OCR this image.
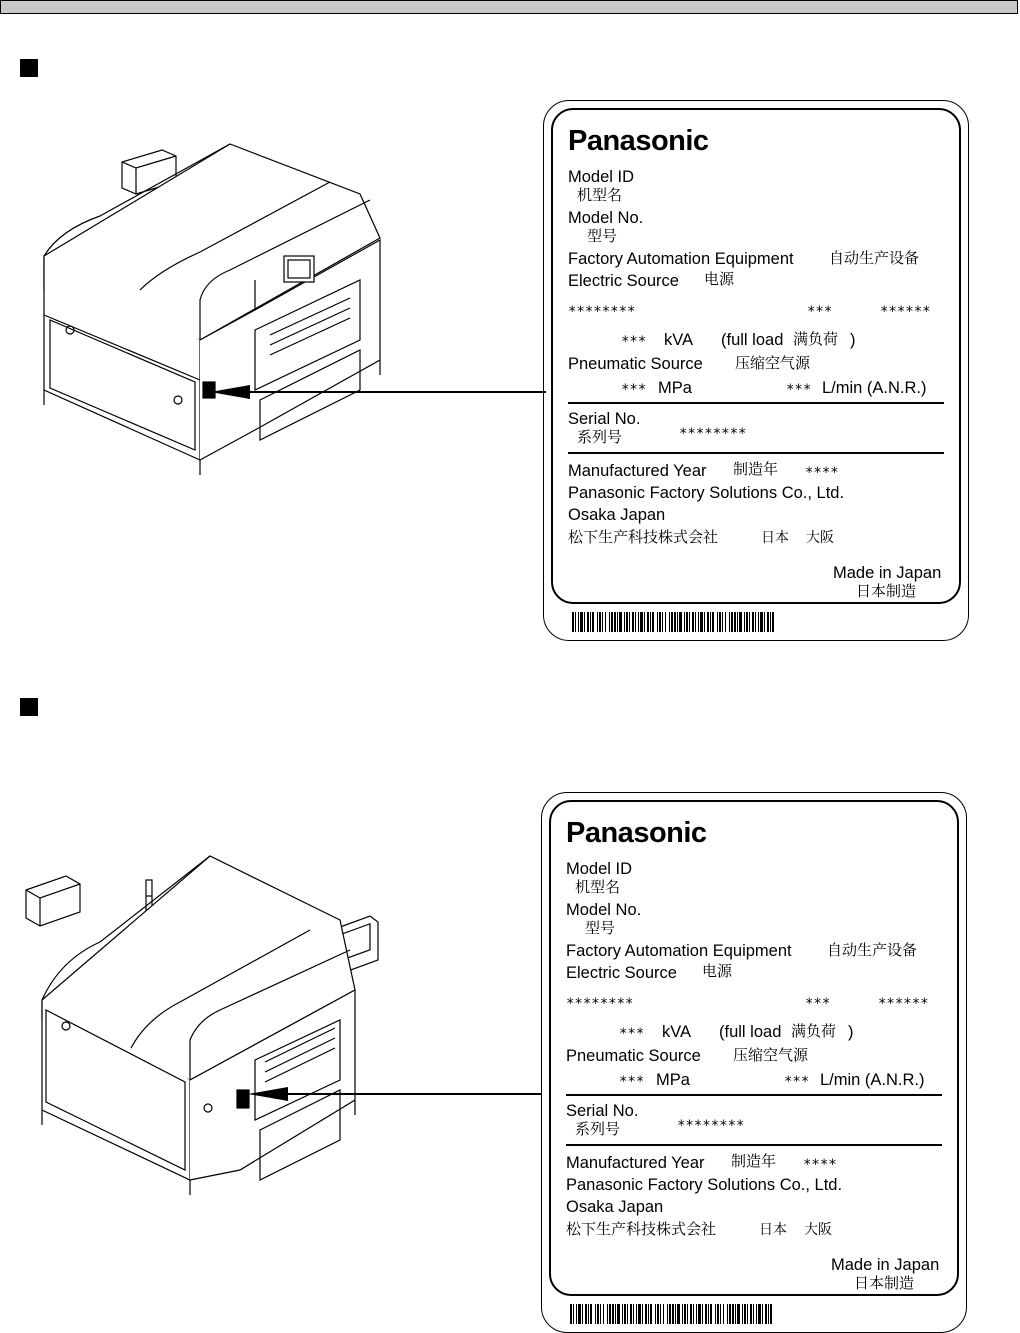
Panasonic
Model ID
机型名
Model No.
型号
Factory Automation Equipment 自动生产设备
Electric Source 电源
********	***	******
*** kVA (full load 满负荷 )
Pneumatic Source 压缩空气源
*** MPa	*** L/min (A.N.R.)
Serial No.
系列号	********
Manufactured Year 制造年 ****
Panasonic Factory Solutions Co., Ltd.
Osaka Japan
松下生产科技株式会社	日本 大阪
Made in Japan
日本制造
Panasonic
Model ID
机型名
Model No.
型号
Factory Automation Equipment 自动生产设备
Electric Source 电源
********	***	******
*** kVA (full load 满负荷 )
Pneumatic Source 压缩空气源
*** MPa	*** L/min (A.N.R.)
Serial No.
系列号	********
Manufactured Year 制造年 ****
Panasonic Factory Solutions Co., Ltd.
Osaka Japan
松下生产科技株式会社	日本 大阪
Made in Japan
日本制造
